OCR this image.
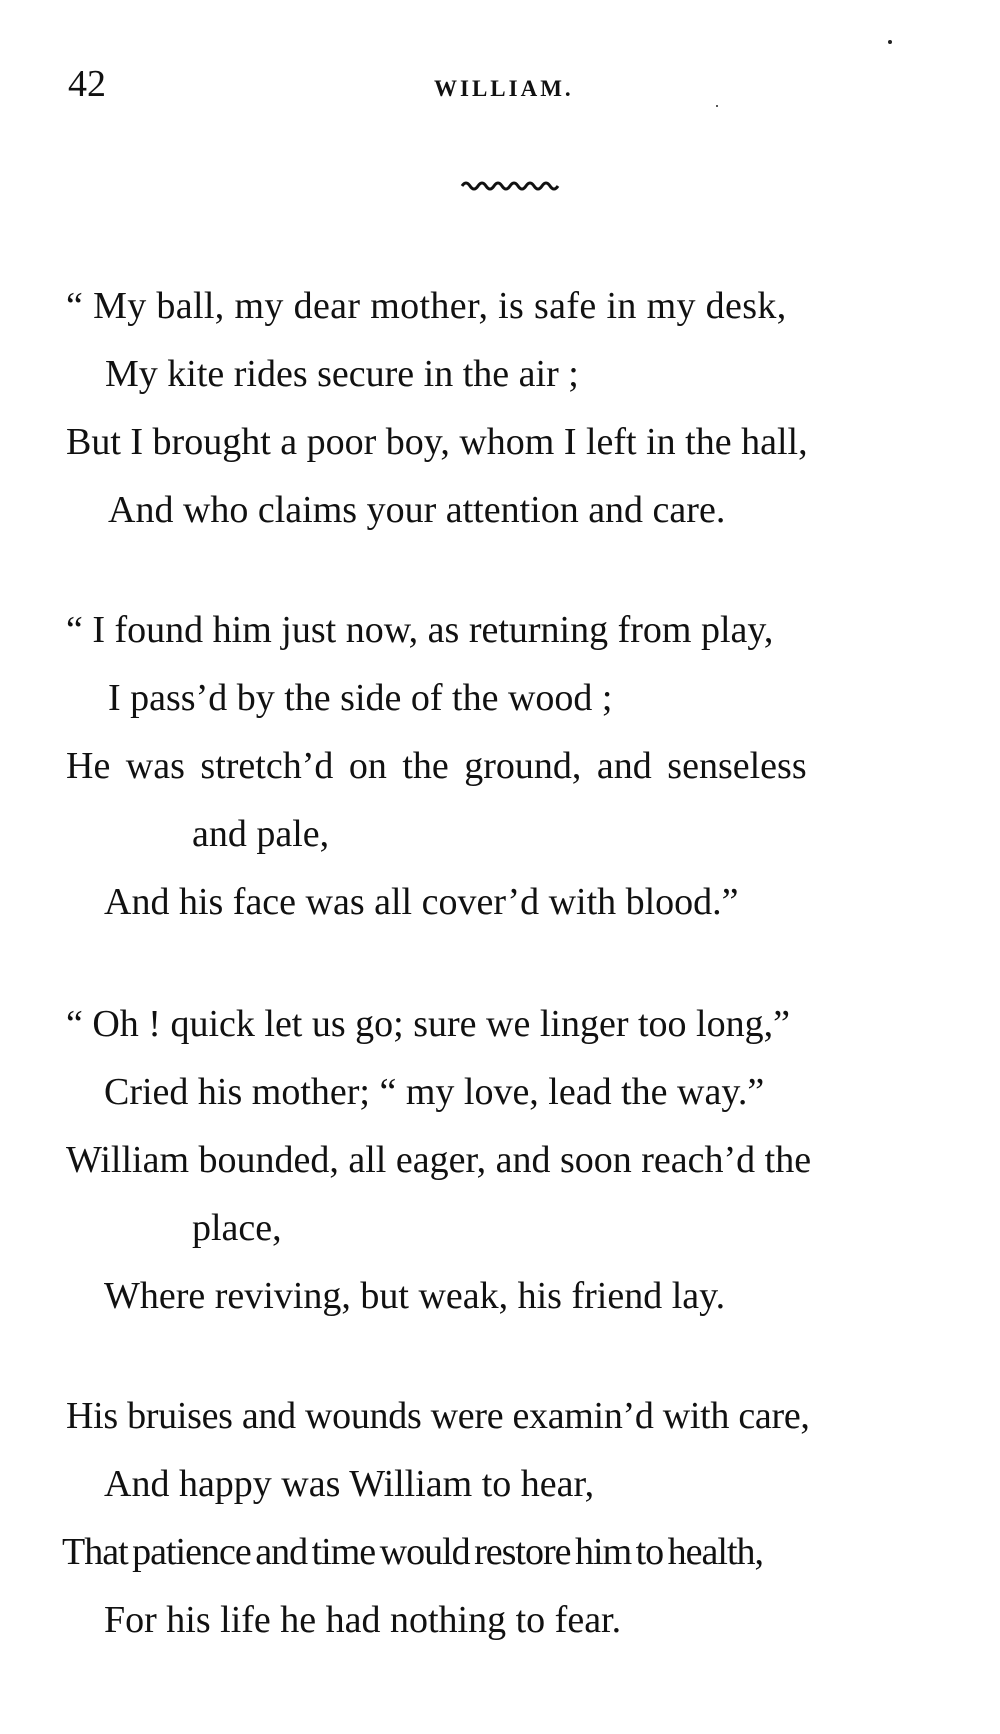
42	WILLIAM.
“ My ball, my dear mother, is safe in my desk,
My kite rides secure in the air ;
But I brought a poor boy, whom I left in the hall,
And who claims your attention and care.
“ I found him just now, as returning from play,
I pass’d by the side of the wood ;
He was stretch’d on the ground, and senseless
and pale,
And his face was all cover’d with blood.”
“ Oh ! quick let us go; sure we linger too long,”
Cried his mother; “ my love, lead the way.”
William bounded, all eager, and soon reach’d the
place,
Where reviving, but weak, his friend lay.
His bruises and wounds were examin’d with care,
And happy was William to hear,
That patience and time would restore him to health,
For his life he had nothing to fear.
